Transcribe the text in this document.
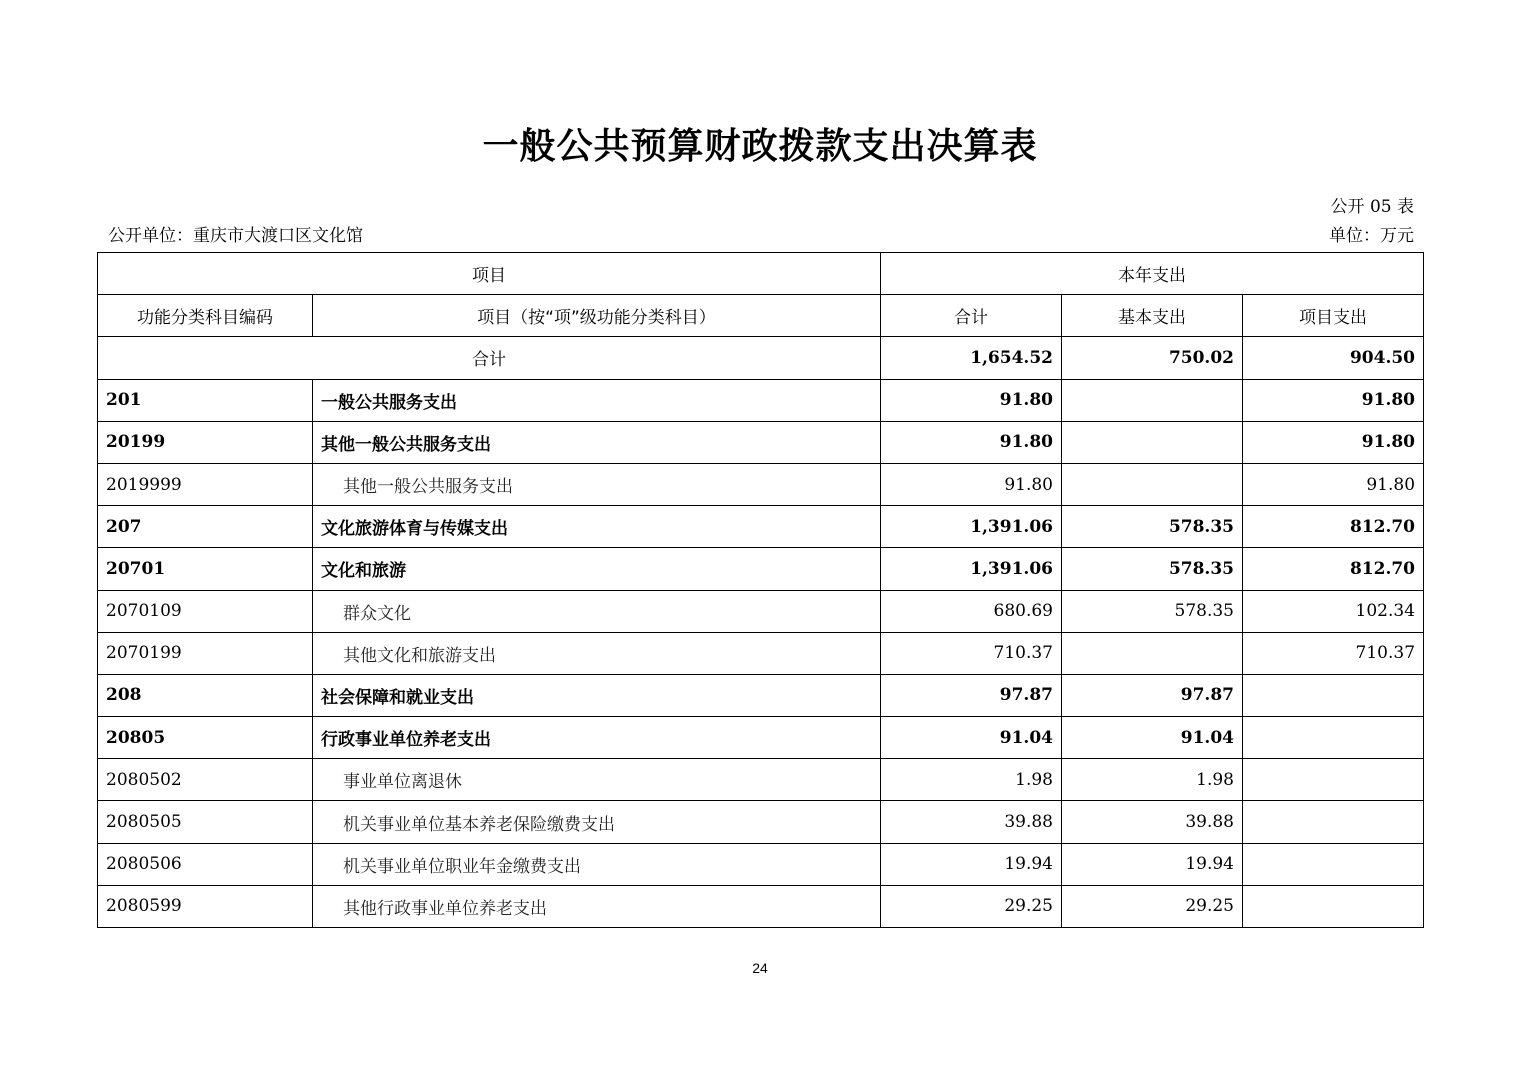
一般公共预算财政拨款支出决算表
公开 05 表
公开单位：重庆市大渡口区文化馆	单位：万元
项目		本年支出		
功能分类科目编码	项目（按“项”级功能分类科目）	合计	基本支出	项目支出
合计		1,654.52	750.02	904.50
201	一般公共服务支出	91.80		91.80
20199	其他一般公共服务支出	91.80		91.80
2019999	其他一般公共服务支出	91.80		91.80
207	文化旅游体育与传媒支出	1,391.06	578.35	812.70
20701	文化和旅游	1,391.06	578.35	812.70
2070109	群众文化	680.69	578.35	102.34
2070199	其他文化和旅游支出	710.37		710.37
208	社会保障和就业支出	97.87	97.87	
20805	行政事业单位养老支出	91.04	91.04	
2080502	事业单位离退休	1.98	1.98	
2080505	机关事业单位基本养老保险缴费支出	39.88	39.88	
2080506	机关事业单位职业年金缴费支出	19.94	19.94	
2080599	其他行政事业单位养老支出	29.25	29.25	
24
